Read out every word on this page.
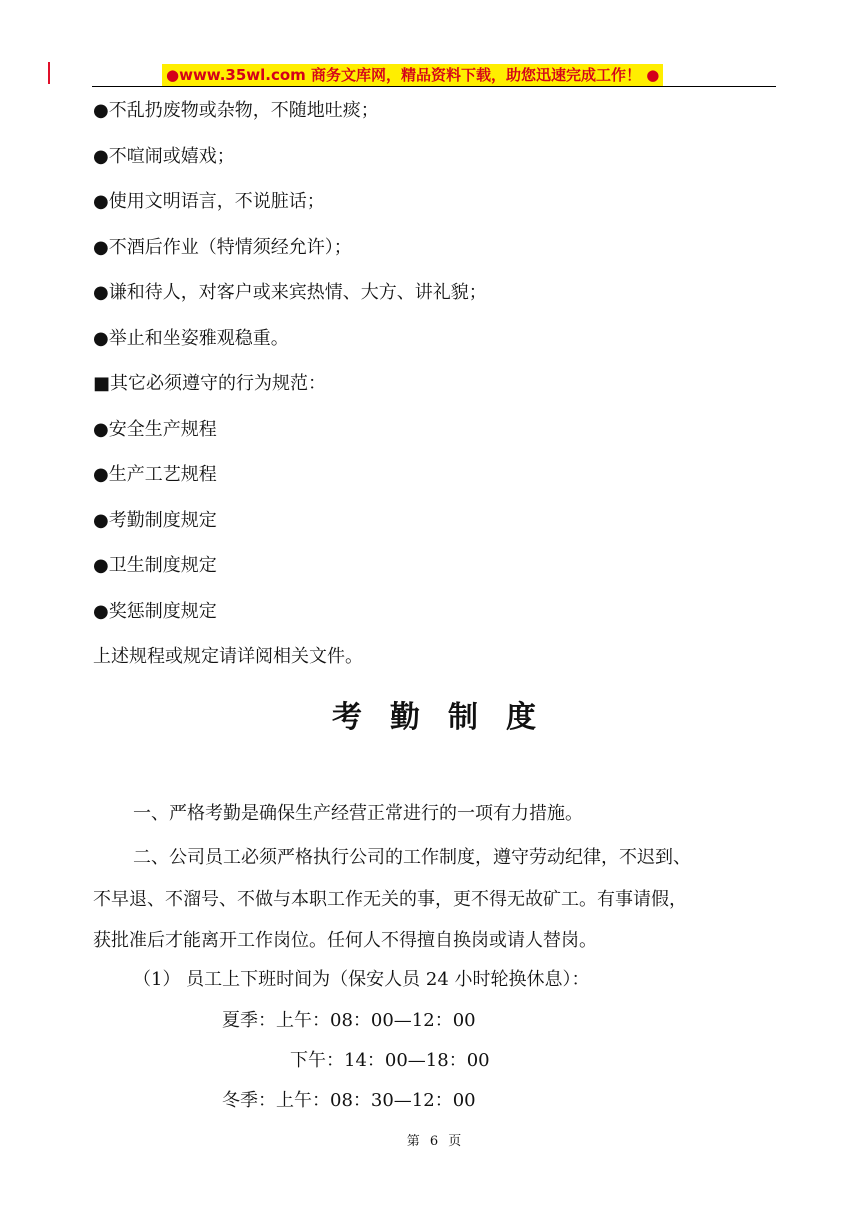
●www.35wl.com 商务文库网，精品资料下载，助您迅速完成工作！ ●
●不乱扔废物或杂物，不随地吐痰；
●不喧闹或嬉戏；
●使用文明语言，不说脏话；
●不酒后作业（特情须经允许）；
●谦和待人，对客户或来宾热情、大方、讲礼貌；
●举止和坐姿雅观稳重。
■其它必须遵守的行为规范：
●安全生产规程
●生产工艺规程
●考勤制度规定
●卫生制度规定
●奖惩制度规定
上述规程或规定请详阅相关文件。
考勤制度
一、严格考勤是确保生产经营正常进行的一项有力措施。
二、公司员工必须严格执行公司的工作制度，遵守劳动纪律，不迟到、
不早退、不溜号、不做与本职工作无关的事，更不得无故矿工。有事请假，
获批准后才能离开工作岗位。任何人不得擅自换岗或请人替岗。
（1） 员工上下班时间为（保安人员 24 小时轮换休息）：
夏季：上午：08：00—12：00
下午：14：00—18：00
冬季：上午：08：30—12：00
第 6 页
